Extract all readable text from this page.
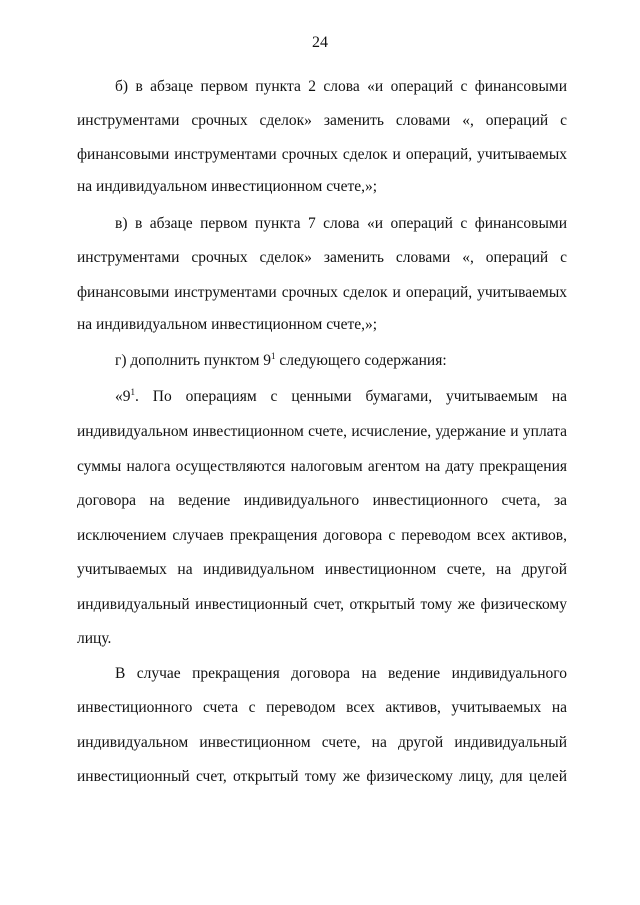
24
б) в абзаце первом пункта 2 слова «и операций с финансовыми
инструментами срочных сделок» заменить словами «, операций с
финансовыми инструментами срочных сделок и операций, учитываемых
на индивидуальном инвестиционном счете,»;
в) в абзаце первом пункта 7 слова «и операций с финансовыми
инструментами срочных сделок» заменить словами «, операций с
финансовыми инструментами срочных сделок и операций, учитываемых
на индивидуальном инвестиционном счете,»;
г) дополнить пунктом $9^1$ следующего содержания:
«$9^1$. По операциям с ценными бумагами, учитываемым на
индивидуальном инвестиционном счете, исчисление, удержание и уплата
суммы налога осуществляются налоговым агентом на дату прекращения
договора на ведение индивидуального инвестиционного счета, за
исключением случаев прекращения договора с переводом всех активов,
учитываемых на индивидуальном инвестиционном счете, на другой
индивидуальный инвестиционный счет, открытый тому же физическому
лицу.
В случае прекращения договора на ведение индивидуального
инвестиционного счета с переводом всех активов, учитываемых на
индивидуальном инвестиционном счете, на другой индивидуальный
инвестиционный счет, открытый тому же физическому лицу, для целей
